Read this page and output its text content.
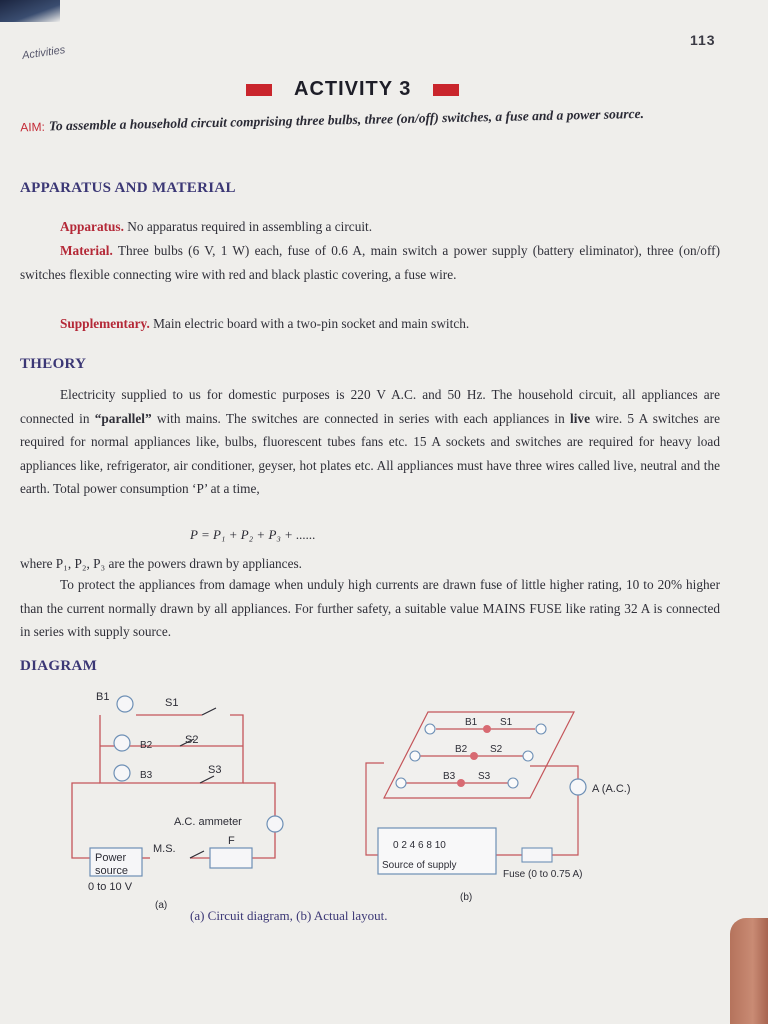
113
Activities
ACTIVITY 3
AIM: To assemble a household circuit comprising three bulbs, three (on/off) switches, a fuse and a power source.
APPARATUS AND MATERIAL
Apparatus. No apparatus required in assembling a circuit.
Material. Three bulbs (6 V, 1 W) each, fuse of 0.6 A, main switch a power supply (battery eliminator), three (on/off) switches flexible connecting wire with red and black plastic covering, a fuse wire.
Supplementary. Main electric board with a two-pin socket and main switch.
THEORY
Electricity supplied to us for domestic purposes is 220 V A.C. and 50 Hz. The household circuit, all appliances are connected in “parallel” with mains. The switches are connected in series with each appliances in live wire. 5 A switches are required for normal appliances like, bulbs, fluorescent tubes fans etc. 15 A sockets and switches are required for heavy load appliances like, refrigerator, air conditioner, geyser, hot plates etc. All appliances must have three wires called live, neutral and the earth. Total power consumption ‘P’ at a time,
P = P₁ + P₂ + P₃ + ......
where P₁, P₂, P₃ are the powers drawn by appliances.
To protect the appliances from damage when unduly high currents are drawn fuse of little higher rating, 10 to 20% higher than the current normally drawn by all appliances. For further safety, a suitable value MAINS FUSE like rating 32 A is connected in series with supply source.
DIAGRAM
B1
B2
B3
S1
S2
S3
A.C. ammeter
M.S.
F
Power
source
0 to 10 V
(a)
B1 S1
B2 S2
B3 S3
A (A.C.)
0 2 4 6 8 10
Source of supply
Fuse (0 to 0.75 A)
(b)
(a) Circuit diagram, (b) Actual layout.
